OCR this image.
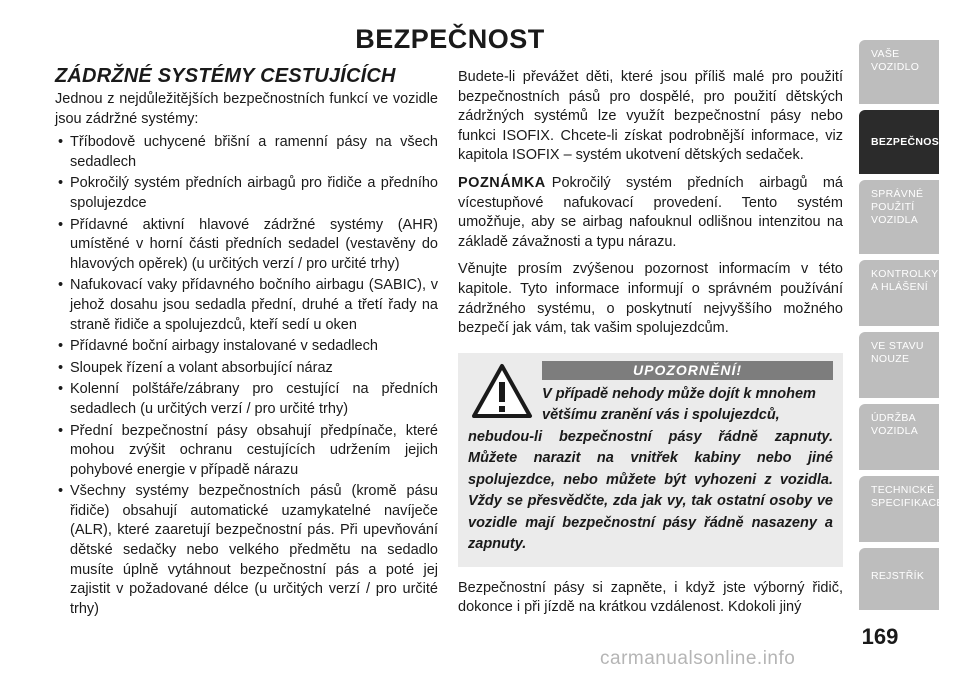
BEZPEČNOST
ZÁDRŽNÉ SYSTÉMY CESTUJÍCÍCH

Jednou z nejdůležitějších bezpečnostních funkcí ve vozidle jsou zádržné systémy:

• Tříbodově uchycené břišní a ramenní pásy na všech sedadlech
• Pokročilý systém předních airbagů pro řidiče a předního spolujezdce
• Přídavné aktivní hlavové zádržné systémy (AHR) umístěné v horní části předních sedadel (vestavěny do hlavových opěrek) (u určitých verzí / pro určité trhy)
• Nafukovací vaky přídavného bočního airbagu (SABIC), v jehož dosahu jsou sedadla přední, druhé a třetí řady na straně řidiče a spolujezdců, kteří sedí u oken
• Přídavné boční airbagy instalované v sedadlech
• Sloupek řízení a volant absorbující náraz
• Kolenní polštáře/zábrany pro cestující na předních sedadlech (u určitých verzí / pro určité trhy)
• Přední bezpečnostní pásy obsahují předpínače, které mohou zvýšit ochranu cestujících udržením jejich pohybové energie v případě nárazu
• Všechny systémy bezpečnostních pásů (kromě pásu řidiče) obsahují automatické uzamykatelné navíječe (ALR), které zaaretují bezpečnostní pás. Při upevňování dětské sedačky nebo velkého předmětu na sedadlo musíte úplně vytáhnout bezpečnostní pás a poté jej zajistit v požadované délce (u určitých verzí / pro určité trhy)

Budete-li převážet děti, které jsou příliš malé pro použití bezpečnostních pásů pro dospělé, pro použití dětských zádržných systémů lze využít bezpečnostní pásy nebo funkci ISOFIX. Chcete-li získat podrobnější informace, viz kapitola ISOFIX – systém ukotvení dětských sedaček.

POZNÁMKA Pokročilý systém předních airbagů má vícestupňové nafukovací provedení. Tento systém umožňuje, aby se airbag nafouknul odlišnou intenzitou na základě závažnosti a typu nárazu.

Věnujte prosím zvýšenou pozornost informacím v této kapitole. Tyto informace informují o správném používání zádržného systému, o poskytnutí nejvyššího možného bezpečí jak vám, tak vašim spolujezdcům.

UPOZORNĚNÍ!
V případě nehody může dojít k mnohem
většímu zranění vás i spolujezdců,
nebudou-li bezpečnostní pásy řádně zapnuty. Můžete narazit na vnitřek kabiny nebo jiné spolujezdce, nebo můžete být vyhozeni z vozidla. Vždy se přesvědčte, zda jak vy, tak ostatní osoby ve vozidle mají bezpečnostní pásy řádně nasazeny a zapnuty.

Bezpečnostní pásy si zapněte, i když jste výborný řidič, dokonce i při jízdě na krátkou vzdálenost. Kdokoli jiný

VAŠE
VOZIDLO
BEZPEČNOST
SPRÁVNÉ
POUŽITÍ
VOZIDLA
KONTROLKY
A HLÁŠENÍ
VE STAVU
NOUZE
ÚDRŽBA
VOZIDLA
TECHNICKÉ
SPECIFIKACE
REJSTŘÍK
169
carmanualsonline.info
